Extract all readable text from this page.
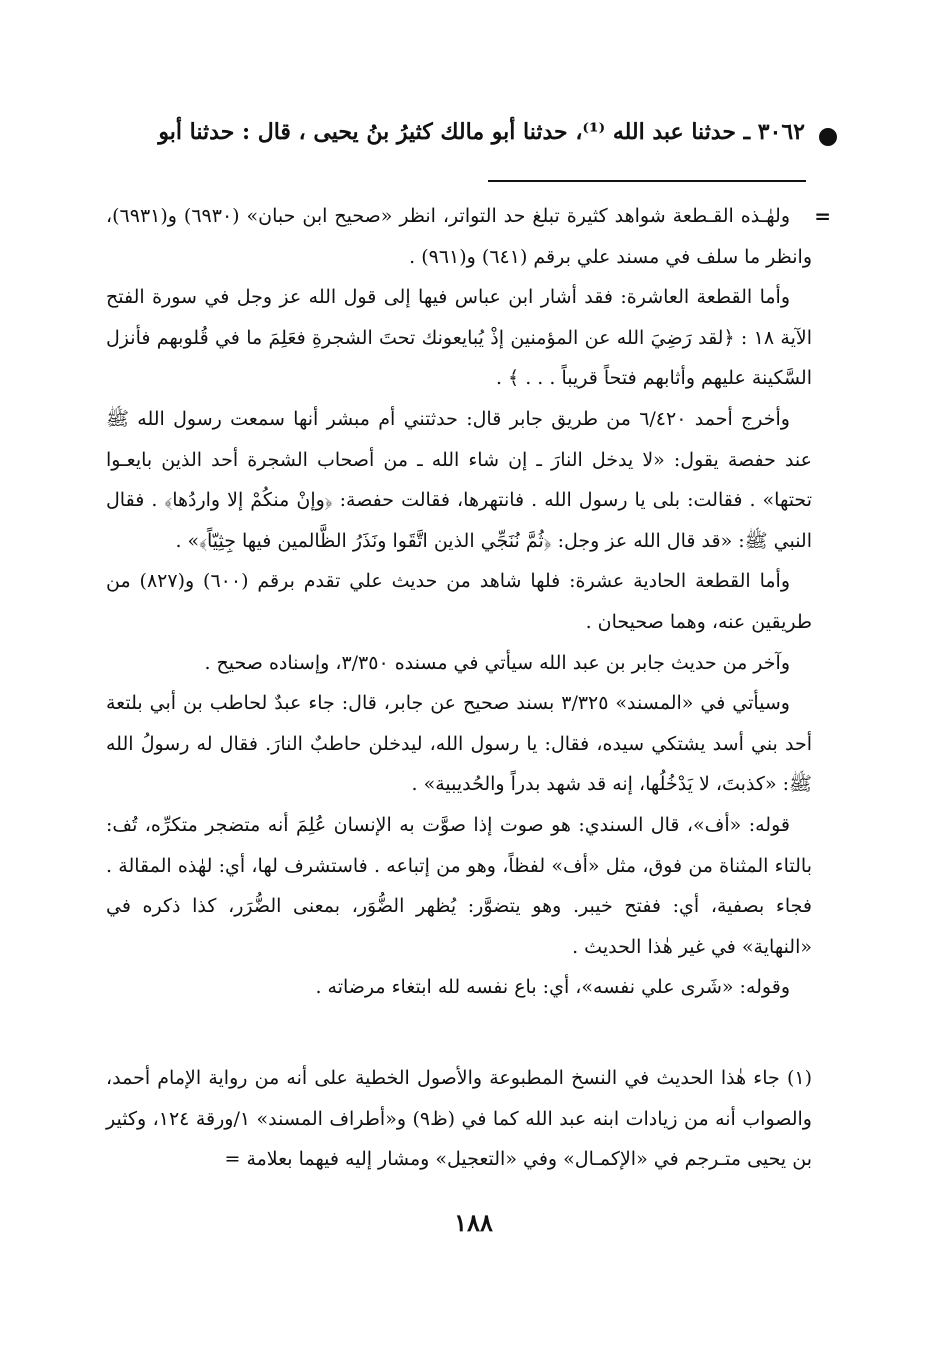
٣٠٦٢ ـ حدثنا عبد الله ⁽¹⁾، حدثنا أبو مالك كثيرُ بنُ يحيى ، قال : حدثنا أبو
=

ولهٰـذه القـطعة شواهد كثيرة تبلغ حد التواتر، انظر «صحيح ابن حبان» (٦٩٣٠) و(٦٩٣١)، وانظر ما سلف في مسند علي برقم (٦٤١) و(٩٦١) .

وأما القطعة العاشرة: فقد أشار ابن عباس فيها إلى قول الله عز وجل في سورة الفتح الآية ١٨ : ﴿لقد رَضِيَ الله عن المؤمنين إذْ يُبايعونك تحتَ الشجرةِ فعَلِمَ ما في قُلوبهم فأنزل السَّكينة عليهم وأثابهم فتحاً قريباً . . . ﴾ .

وأخرج أحمد ٦/٤٢٠ من طريق جابر قال: حدثتني أم مبشر أنها سمعت رسول الله ﷺ عند حفصة يقول: «لا يدخل النارَ ـ إن شاء الله ـ من أصحاب الشجرة أحد الذين بايعـوا تحتها» . فقالت: بلى يا رسول الله . فانتهرها، فقالت حفصة: ﴿وإنْ منكُمْ إلا واردُها﴾ . فقال النبي ﷺ: «قد قال الله عز وجل: ﴿ثُمَّ نُنَجِّي الذين اتَّقَوا ونَذَرُ الظَّالمين فيها جِثِيّاً﴾» .

وأما القطعة الحادية عشرة: فلها شاهد من حديث علي تقدم برقم (٦٠٠) و(٨٢٧) من طريقين عنه، وهما صحيحان .

وآخر من حديث جابر بن عبد الله سيأتي في مسنده ٣/٣٥٠، وإسناده صحيح .

وسيأتي في «المسند» ٣/٣٢٥ بسند صحيح عن جابر، قال: جاء عبدٌ لحاطب بن أبي بلتعة أحد بني أسد يشتكي سيده، فقال: يا رسول الله، ليدخلن حاطبٌ النارَ. فقال له رسولُ الله ﷺ: «كذبتَ، لا يَدْخُلُها، إنه قد شهد بدراً والحُديبية» .

قوله: «أف»، قال السندي: هو صوت إذا صوَّت به الإنسان عُلِمَ أنه متضجر متكرِّه، تُف: بالتاء المثناة من فوق، مثل «أف» لفظاً، وهو من إتباعه . فاستشرف لها، أي: لهٰذه المقالة . فجاء بصفية، أي: ففتح خيبر. وهو يتضوَّر: يُظهر الضُّوَر، بمعنى الضُّرَر، كذا ذكره في «النهاية» في غير هٰذا الحديث .

وقوله: «شَرى علي نفسه»، أي: باع نفسه لله ابتغاء مرضاته .

(١) جاء هٰذا الحديث في النسخ المطبوعة والأصول الخطية على أنه من رواية الإمام أحمد، والصواب أنه من زيادات ابنه عبد الله كما في (ظ٩) و«أطراف المسند» ١/ورقة ١٢٤، وكثير بن يحيى متـرجم في «الإكمـال» وفي «التعجيل» ومشار إليه فيهما بعلامة =

١٨٨
